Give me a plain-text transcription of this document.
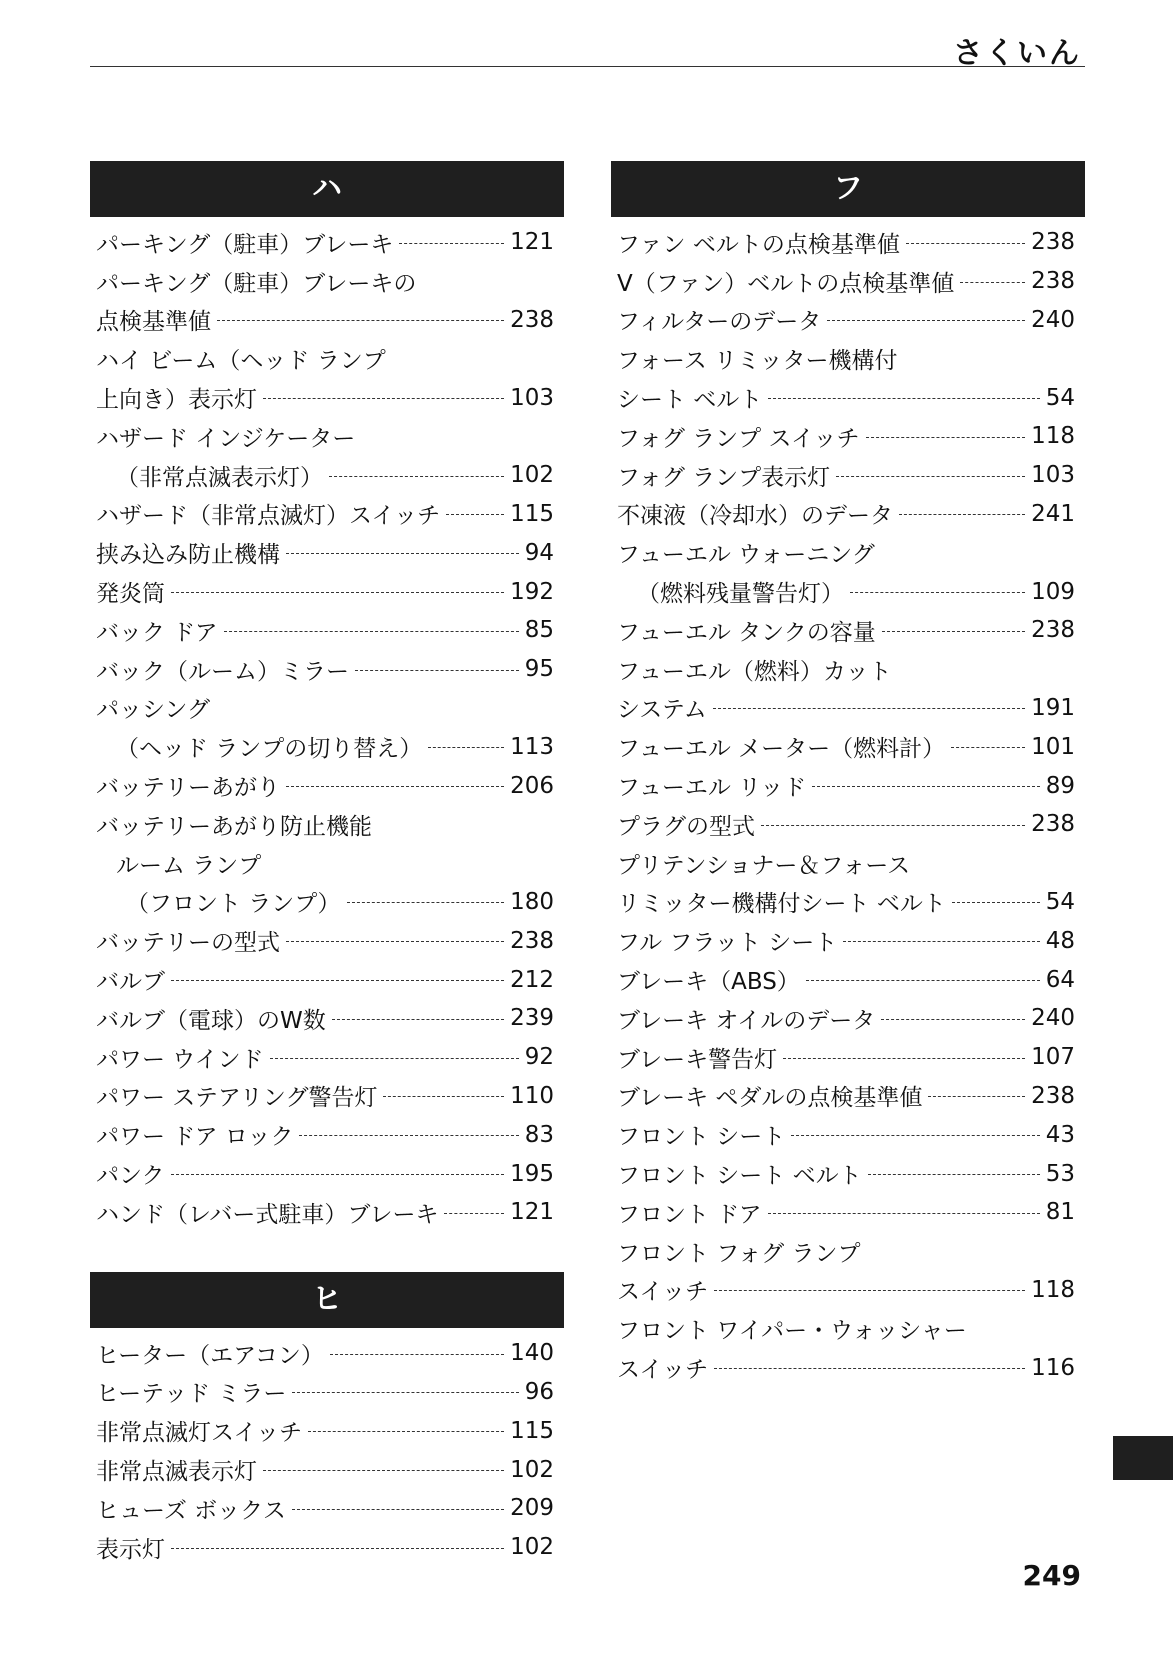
さくいん
ハ
パーキング（駐車）ブレーキ	121
パーキング（駐車）ブレーキの
点検基準値	238
ハイ ビーム（ヘッド ランプ
上向き）表示灯	103
ハザード インジケーター
（非常点滅表示灯）	102
ハザード（非常点滅灯）スイッチ	115
挟み込み防止機構	94
発炎筒	192
バック ドア	85
バック（ルーム）ミラー	95
パッシング
（ヘッド ランプの切り替え）	113
バッテリーあがり	206
バッテリーあがり防止機能
ルーム ランプ
（フロント ランプ）	180
バッテリーの型式	238
バルブ	212
バルブ（電球）のW数	239
パワー ウインド	92
パワー ステアリング警告灯	110
パワー ドア ロック	83
パンク	195
ハンド（レバー式駐車）ブレーキ	121
ヒ
ヒーター（エアコン）	140
ヒーテッド ミラー	96
非常点滅灯スイッチ	115
非常点滅表示灯	102
ヒューズ ボックス	209
表示灯	102
フ
ファン ベルトの点検基準値	238
V（ファン）ベルトの点検基準値	238
フィルターのデータ	240
フォース リミッター機構付
シート ベルト	54
フォグ ランプ スイッチ	118
フォグ ランプ表示灯	103
不凍液（冷却水）のデータ	241
フューエル ウォーニング
（燃料残量警告灯）	109
フューエル タンクの容量	238
フューエル（燃料）カット
システム	191
フューエル メーター（燃料計）	101
フューエル リッド	89
プラグの型式	238
プリテンショナー＆フォース
リミッター機構付シート ベルト	54
フル フラット シート	48
ブレーキ（ABS）	64
ブレーキ オイルのデータ	240
ブレーキ警告灯	107
ブレーキ ペダルの点検基準値	238
フロント シート	43
フロント シート ベルト	53
フロント ドア	81
フロント フォグ ランプ
スイッチ	118
フロント ワイパー・ウォッシャー
スイッチ	116
249
